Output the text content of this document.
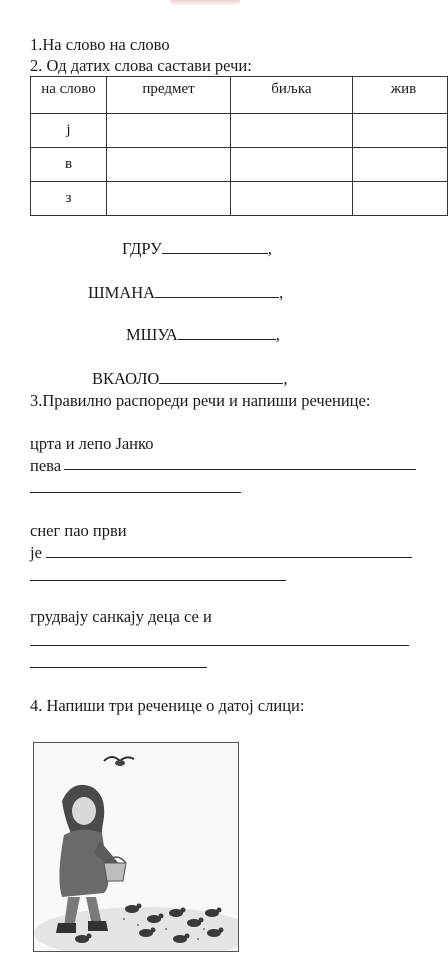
1.На слово на слово
2. Од датих слова састави речи:
на слово	предмет	биљка	жив
ј			
в			
з			
ГДРУ	,
ШМАНА	,
МШУА	,
ВКАОЛО	,
3.Правилно распореди речи и напиши реченице:
црта и лепо Јанко
пева
снег пао први
је
грудвају санкају деца се и
4. Напиши три реченице о датој слици:
